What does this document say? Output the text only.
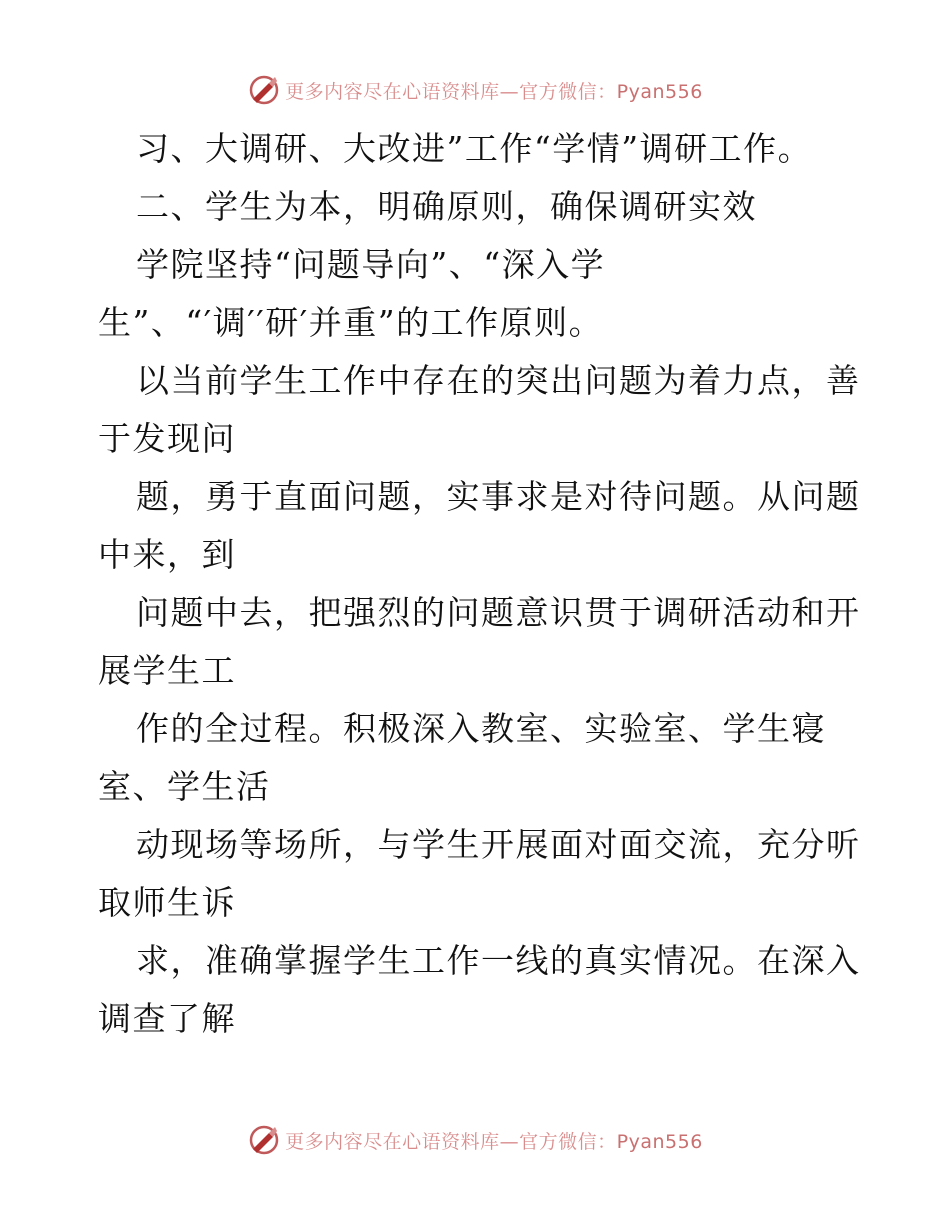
更多内容尽在心语资料库—官方微信：Pyan556
习、大调研、大改进”工作“学情”调研工作。
二、学生为本，明确原则，确保调研实效
学院坚持“问题导向”、“深入学
生”、“′调′′研′并重”的工作原则。
以当前学生工作中存在的突出问题为着力点，善
于发现问
题，勇于直面问题，实事求是对待问题。从问题
中来，到
问题中去，把强烈的问题意识贯于调研活动和开
展学生工
作的全过程。积极深入教室、实验室、学生寝
室、学生活
动现场等场所，与学生开展面对面交流，充分听
取师生诉
求，准确掌握学生工作一线的真实情况。在深入
调查了解
更多内容尽在心语资料库—官方微信：Pyan556
